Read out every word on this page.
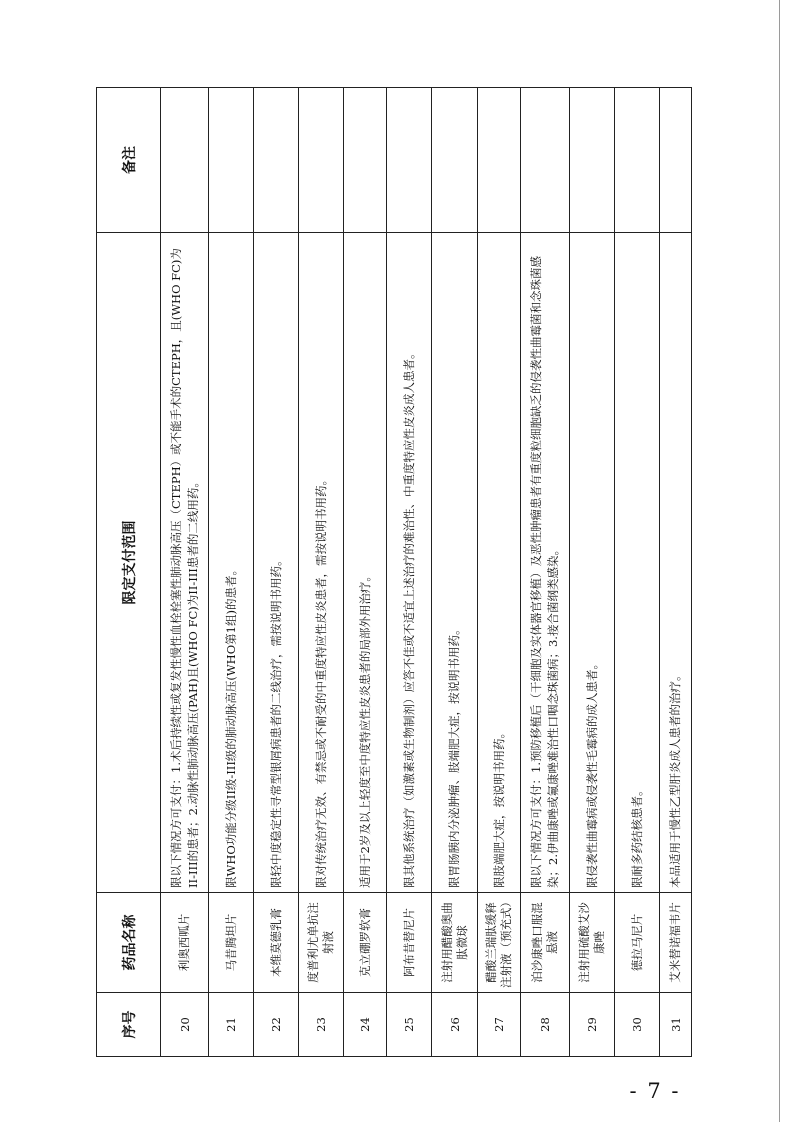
序号	药品名称	限定支付范围	备注
20	利奥西呱片	限以下情况方可支付：1.术后持续性或复发性慢性血栓栓塞性肺动脉高压（CTEPH）或不能手术的CTEPH，且(WHO FC)为II-III的患者；2.动脉性肺动脉高压(PAH)且(WHO FC)为II-III患者的二线用药。	
21	马昔腾坦片	限WHO功能分级II级-III级的肺动脉高压(WHO第1组)的患者。	
22	本维莫德乳膏	限轻中度稳定性寻常型银屑病患者的二线治疗，需按说明书用药。	
23	度普利尤单抗注射液	限对传统治疗无效、有禁忌或不耐受的中重度特应性皮炎患者，需按说明书用药。	
24	克立硼罗软膏	适用于2岁及以上轻度至中度特应性皮炎患者的局部外用治疗。	
25	阿布昔替尼片	限其他系统治疗（如激素或生物制剂）应答不佳或不适宜上述治疗的难治性、中重度特应性皮炎成人患者。	
26	注射用醋酸奥曲肽微球	限胃肠胰内分泌肿瘤、肢端肥大症，按说明书用药。	
27	醋酸兰瑞肽缓释注射液（预充式）	限肢端肥大症，按说明书用药。	
28	泊沙康唑口服混悬液	限以下情况方可支付：1.预防移植后（干细胞及实体器官移植）及恶性肿瘤患者有重度粒细胞缺乏的侵袭性曲霉菌和念珠菌感染；2.伊曲康唑或氟康唑难治性口咽念珠菌病；3.接合菌纲类感染。	
29	注射用硫酸艾沙康唑	限侵袭性曲霉病或侵袭性毛霉病的成人患者。	
30	德拉马尼片	限耐多药结核患者。	
31	艾米替诺福韦片	本品适用于慢性乙型肝炎成人患者的治疗。	
- 7 -
